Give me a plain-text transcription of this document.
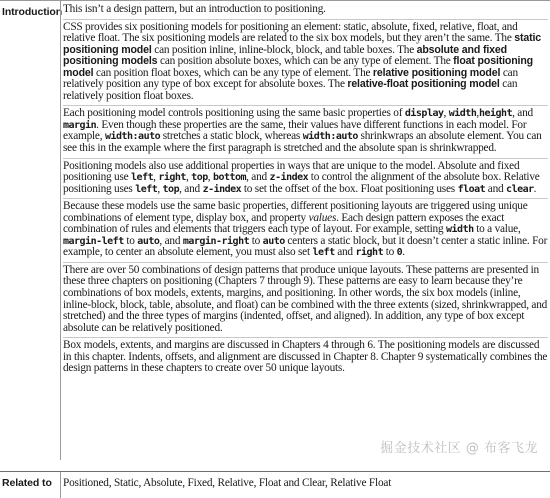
Introduction This isn’t a design pattern, but an introduction to positioning.

CSS provides six positioning models for positioning an element: static, absolute, fixed, relative, float, and relative float. The six positioning models are related to the six box models, but they aren’t the same. The static positioning model can position inline, inline-block, block, and table boxes. The absolute and fixed positioning models can position absolute boxes, which can be any type of element. The float positioning model can position float boxes, which can be any type of element. The relative positioning model can relatively position any type of box except for absolute boxes. The relative-float positioning model can relatively position float boxes.

Each positioning model controls positioning using the same basic properties of display, width,height, and margin. Even though these properties are the same, their values have different functions in each model. For example, width:auto stretches a static block, whereas width:auto shrinkwraps an absolute element. You can see this in the example where the first paragraph is stretched and the absolute span is shrinkwrapped.

Positioning models also use additional properties in ways that are unique to the model. Absolute and fixed positioning use left, right, top, bottom, and z-index to control the alignment of the absolute box. Relative positioning uses left, top, and z-index to set the offset of the box. Float positioning uses float and clear.

Because these models use the same basic properties, different positioning layouts are triggered using unique combinations of element type, display box, and property values. Each design pattern exposes the exact combination of rules and elements that triggers each type of layout. For example, setting width to a value, margin-left to auto, and margin-right to auto centers a static block, but it doesn’t center a static inline. For example, to center an absolute element, you must also set left and right to 0.

There are over 50 combinations of design patterns that produce unique layouts. These patterns are presented in these three chapters on positioning (Chapters 7 through 9). These patterns are easy to learn because they’re combinations of box models, extents, margins, and positioning. In other words, the six box models (inline, inline-block, block, table, absolute, and float) can be combined with the three extents (sized, shrinkwrapped, and stretched) and the three types of margins (indented, offset, and aligned). In addition, any type of box except absolute can be relatively positioned.

Box models, extents, and margins are discussed in Chapters 4 through 6. The positioning models are discussed in this chapter. Indents, offsets, and alignment are discussed in Chapter 8. Chapter 9 systematically combines the design patterns in these chapters to create over 50 unique layouts.

Related to Positioned, Static, Absolute, Fixed, Relative, Float and Clear, Relative Float
掘金技术社区 @ 布客飞龙
